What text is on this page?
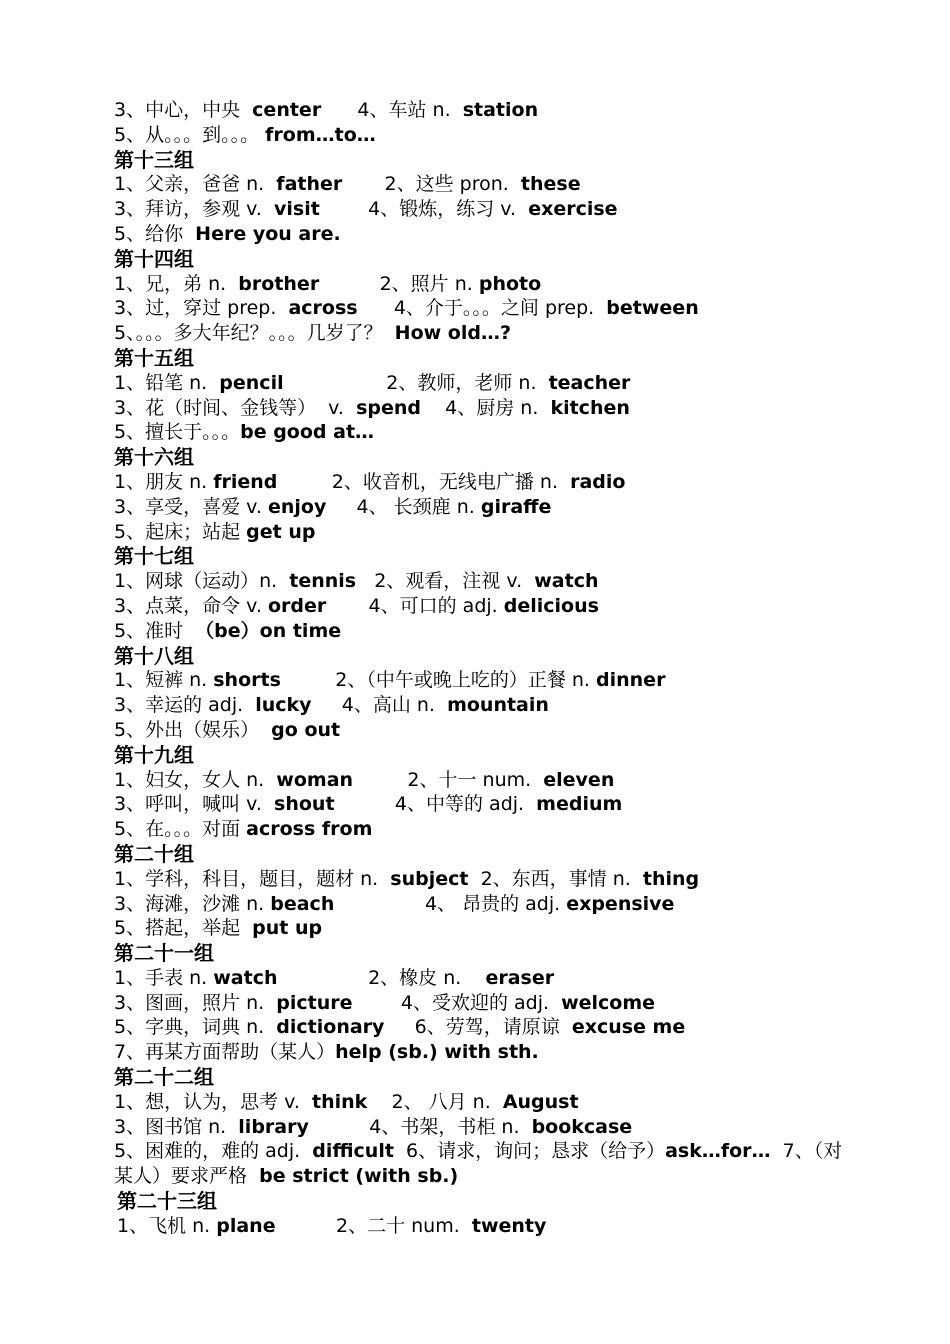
3、中心，中央  center      4、车站 n.  station
5、从。。。到。。。 from…to…
第十三组
1、父亲，爸爸 n.  father       2、这些 pron.  these
3、拜访，参观 v.  visit        4、锻炼，练习 v.  exercise
5、给你  Here you are.
第十四组
1、兄，弟 n.  brother          2、照片 n. photo
3、过，穿过 prep.  across      4、介于。。。之间 prep.  between
5、。。。多大年纪？。。。几岁了？  How old…?
第十五组
1、铅笔 n.  pencil                 2、教师，老师 n.  teacher
3、花（时间、金钱等）  v.  spend    4、厨房 n.  kitchen
5、擅长于。。。be good at…
第十六组
1、朋友 n. friend         2、收音机，无线电广播 n.  radio
3、享受，喜爱 v. enjoy     4、 长颈鹿 n. giraffe
5、起床；站起 get up
第十七组
1、网球（运动）n.  tennis   2、观看，注视 v.  watch
3、点菜，命令 v. order       4、可口的 adj. delicious
5、准时  （be）on time
第十八组
1、短裤 n. shorts         2、（中午或晚上吃的）正餐 n. dinner
3、幸运的 adj.  lucky     4、高山 n.  mountain
5、外出（娱乐）  go out
第十九组
1、妇女，女人 n.  woman         2、十一 num.  eleven
3、呼叫，喊叫 v.  shout          4、中等的 adj.  medium
5、在。。。对面 across from
第二十组
1、学科，科目，题目，题材 n.  subject  2、东西，事情 n.  thing
3、海滩，沙滩 n. beach               4、 昂贵的 adj. expensive
5、搭起，举起  put up
第二十一组
1、手表 n. watch               2、橡皮 n.    eraser
3、图画，照片 n.  picture        4、受欢迎的 adj.  welcome
5、字典，词典 n.  dictionary     6、劳驾，请原谅  excuse me
7、再某方面帮助（某人）help (sb.) with sth.
第二十二组
1、想，认为，思考 v.  think    2、 八月 n.  August
3、图书馆 n.  library          4、书架，书柜 n.  bookcase
5、困难的，难的 adj.  difficult  6、请求，询问；恳求（给予）ask…for…  7、（对某人）要求严格  be strict (with sb.)
第二十三组
1、飞机 n. plane          2、二十 num.  twenty
